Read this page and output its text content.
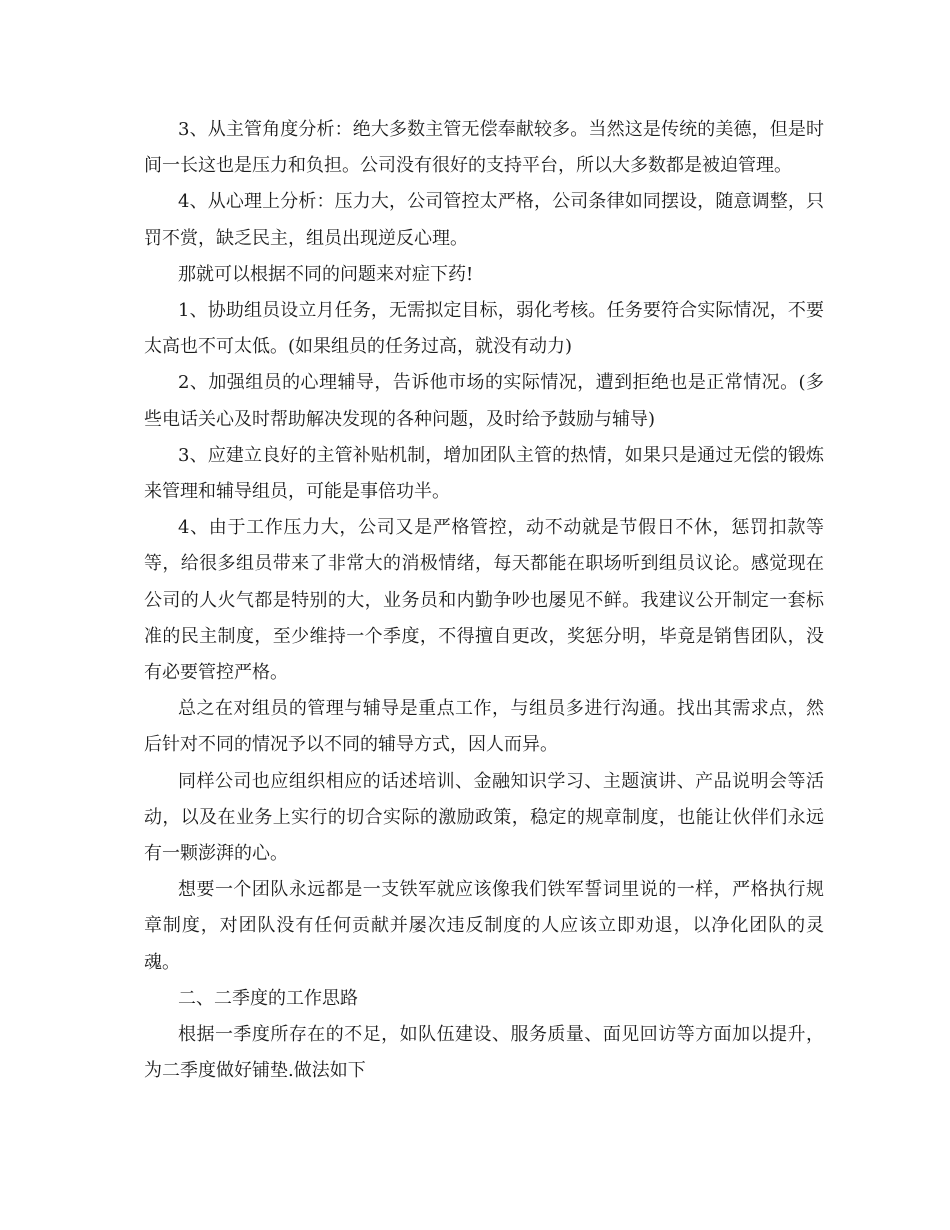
3、从主管角度分析：绝大多数主管无偿奉献较多。当然这是传统的美德，但是时间一长这也是压力和负担。公司没有很好的支持平台，所以大多数都是被迫管理。

4、从心理上分析：压力大，公司管控太严格，公司条律如同摆设，随意调整，只罚不赏，缺乏民主，组员出现逆反心理。

那就可以根据不同的问题来对症下药!

1、协助组员设立月任务，无需拟定目标，弱化考核。任务要符合实际情况，不要太高也不可太低。(如果组员的任务过高，就没有动力)

2、加强组员的心理辅导，告诉他市场的实际情况，遭到拒绝也是正常情况。(多些电话关心及时帮助解决发现的各种问题，及时给予鼓励与辅导)

3、应建立良好的主管补贴机制，增加团队主管的热情，如果只是通过无偿的锻炼来管理和辅导组员，可能是事倍功半。

4、由于工作压力大，公司又是严格管控，动不动就是节假日不休，惩罚扣款等等，给很多组员带来了非常大的消极情绪，每天都能在职场听到组员议论。感觉现在公司的人火气都是特别的大，业务员和内勤争吵也屡见不鲜。我建议公开制定一套标准的民主制度，至少维持一个季度，不得擅自更改，奖惩分明，毕竟是销售团队，没有必要管控严格。

总之在对组员的管理与辅导是重点工作，与组员多进行沟通。找出其需求点，然后针对不同的情况予以不同的辅导方式，因人而异。

同样公司也应组织相应的话述培训、金融知识学习、主题演讲、产品说明会等活动，以及在业务上实行的切合实际的激励政策，稳定的规章制度，也能让伙伴们永远有一颗澎湃的心。

想要一个团队永远都是一支铁军就应该像我们铁军誓词里说的一样，严格执行规章制度，对团队没有任何贡献并屡次违反制度的人应该立即劝退，以净化团队的灵魂。

二、二季度的工作思路

根据一季度所存在的不足，如队伍建设、服务质量、面见回访等方面加以提升，为二季度做好铺垫.做法如下
